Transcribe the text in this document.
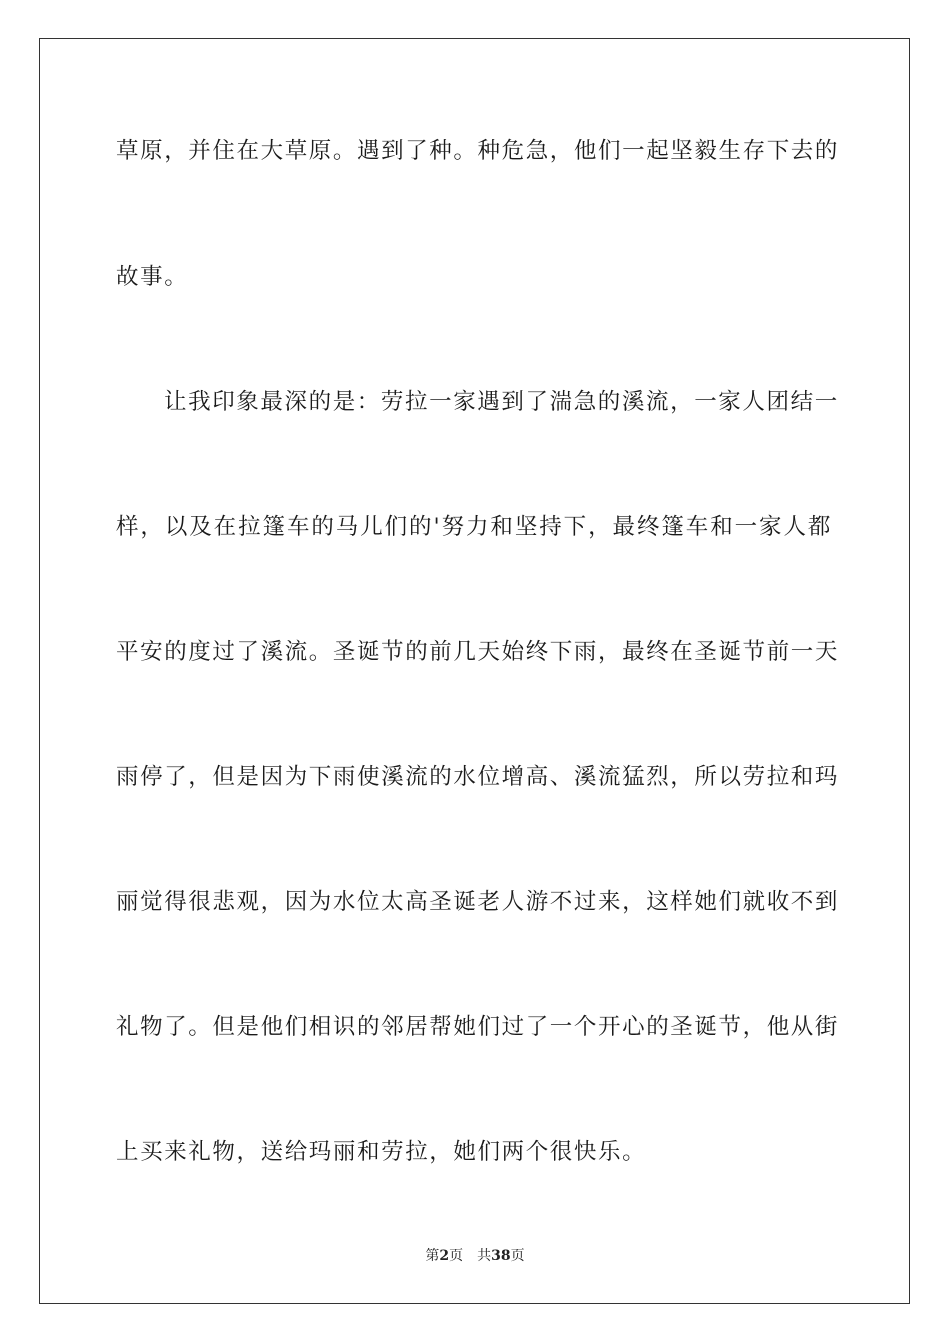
草原，并住在大草原。遇到了种。种危急，他们一起坚毅生存下去的
故事。
让我印象最深的是：劳拉一家遇到了湍急的溪流，一家人团结一
样，以及在拉篷车的马儿们的'努力和坚持下，最终篷车和一家人都
平安的度过了溪流。圣诞节的前几天始终下雨，最终在圣诞节前一天
雨停了，但是因为下雨使溪流的水位增高、溪流猛烈，所以劳拉和玛
丽觉得很悲观，因为水位太高圣诞老人游不过来，这样她们就收不到
礼物了。但是他们相识的邻居帮她们过了一个开心的圣诞节，他从街
上买来礼物，送给玛丽和劳拉，她们两个很快乐。
第2页 共38页
